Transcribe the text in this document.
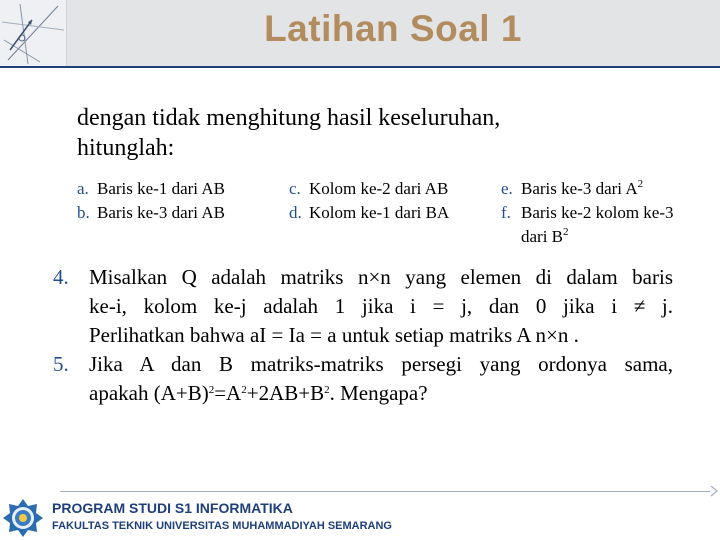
Latihan Soal 1
dengan tidak menghitung hasil keseluruhan,
hitunglah:
a. Baris ke-1 dari AB
b. Baris ke-3 dari AB
c. Kolom ke-2 dari AB
d. Kolom ke-1 dari BA
e. Baris ke-3 dari $A^2$
f. Baris ke-2 kolom ke-3
dari $B^2$
4. Misalkan Q adalah matriks n×n yang elemen di dalam baris
ke-i, kolom ke-j adalah 1 jika i = j, dan 0 jika i ≠ j.
Perlihatkan bahwa aI = Ia = a untuk setiap matriks A n×n .
5. Jika A dan B matriks-matriks persegi yang ordonya sama,
apakah $(A+B)^2=A^2+2AB+B^2$. Mengapa?
PROGRAM STUDI S1 INFORMATIKA
FAKULTAS TEKNIK UNIVERSITAS MUHAMMADIYAH SEMARANG
